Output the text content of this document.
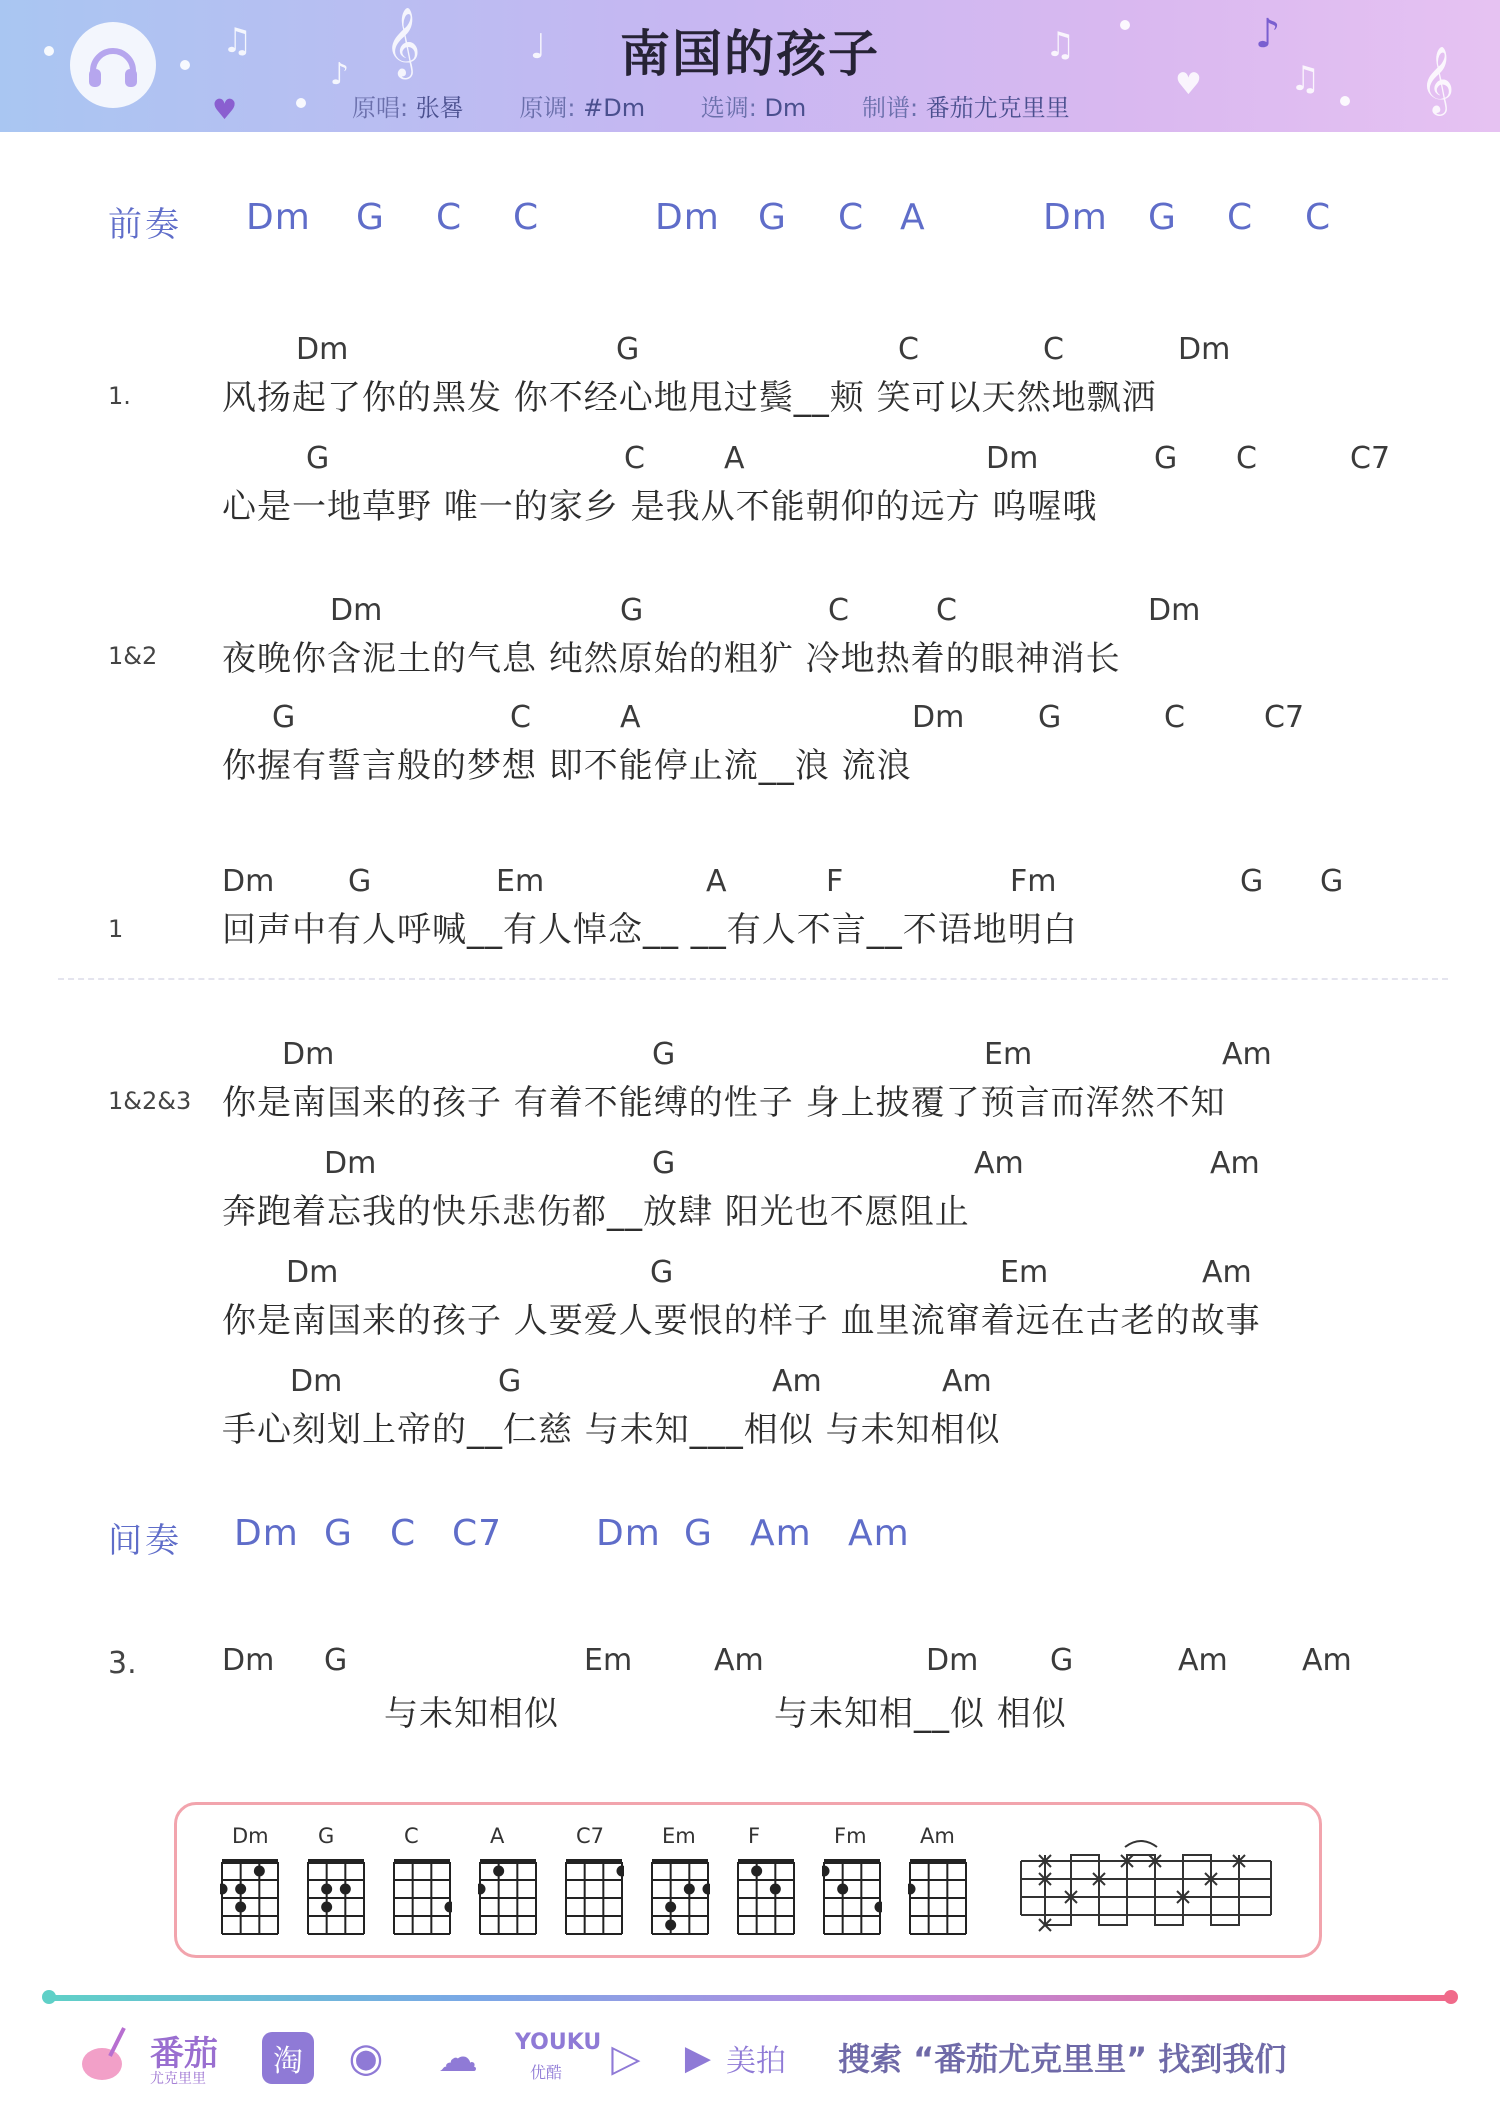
♫
♪ 𝄞	♩	♫	♪
♫
♥
♥	𝄞
南国的孩子
原唱: 张晷 原调: #Dm 选调: Dm 制谱: 番茄尤克里里
前奏 Dm G C C	Dm G C A	Dm G C C
1.
Dm	G	C	C	Dm
风扬起了你的黑发 你不经心地甩过鬓__颊 笑可以天然地飘洒
G	C	A	Dm	G C	C7
心是一地草野 唯一的家乡 是我从不能朝仰的远方 呜喔哦
1&2
Dm	G	C	C	Dm
夜晚你含泥土的气息 纯然原始的粗犷 冷地热着的眼神消长
G	C	A	Dm G	C	C7
你握有誓言般的梦想 即不能停止流__浪 流浪
1
Dm G	Em	A	F	Fm	G G
回声中有人呼喊__有人悼念__ __有人不言__不语地明白
1&2&3
Dm	G	Em	Am
你是南国来的孩子 有着不能缚的性子 身上披覆了预言而浑然不知
Dm	G	Am	Am
奔跑着忘我的快乐悲伤都__放肆 阳光也不愿阻止
Dm	G	Em	Am
你是南国来的孩子 人要爱人要恨的样子 血里流窜着远在古老的故事
Dm	G	Am	Am
手心刻划上帝的__仁慈 与未知___相似 与未知相似
间奏 Dm G C C7	Dm G Am Am
3.	Dm G	Em	Am	Dm G	Am Am
与未知相似	与未知相__似 相似
Dm G	C	A	C7	Em F	Fm	Am
番茄
尤克里里	淘 ◉ ☁ YOUKU
优酷 ▷	▶ 美拍 搜索 “番茄尤克里里” 找到我们
